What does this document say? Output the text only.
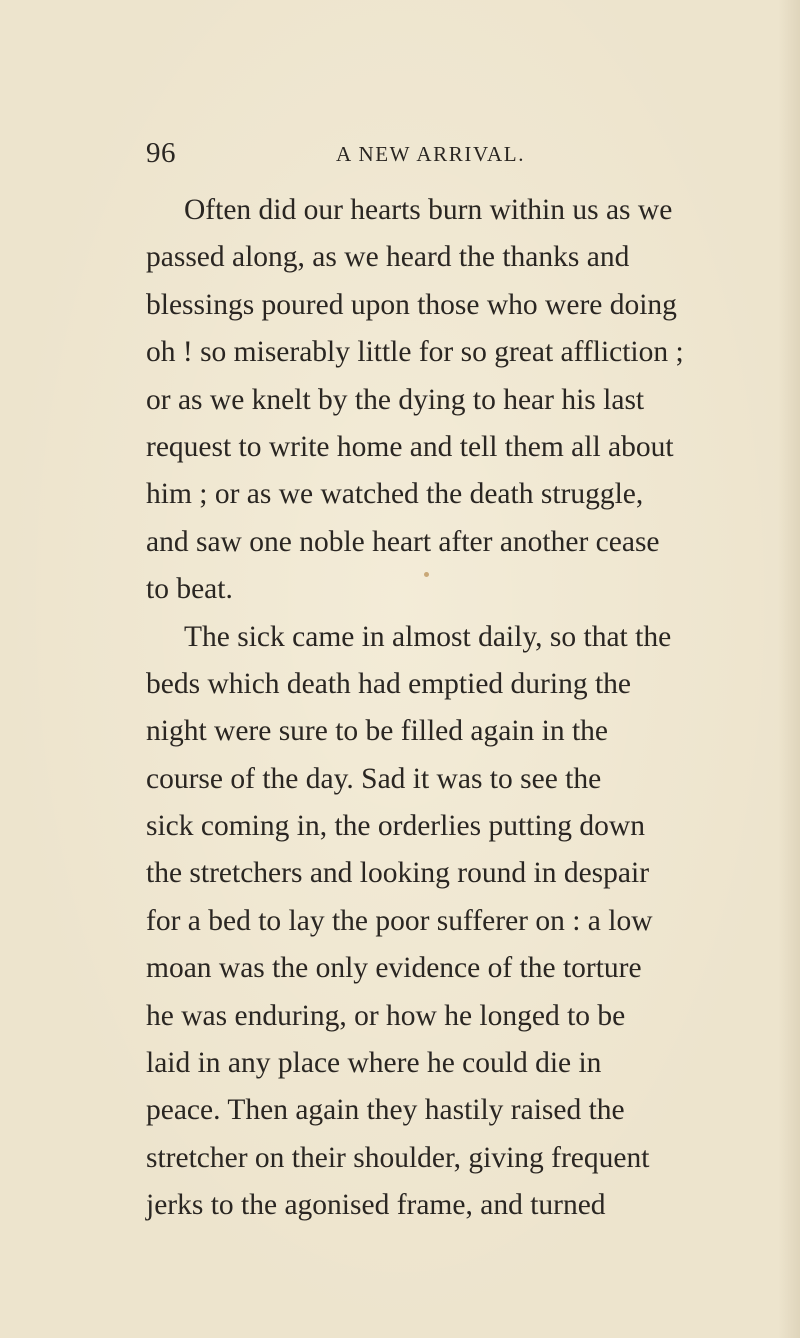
96	A NEW ARRIVAL.
Often did our hearts burn within us as we
passed along, as we heard the thanks and
blessings poured upon those who were doing
oh ! so miserably little for so great affliction ;
or as we knelt by the dying to hear his last
request to write home and tell them all about
him ; or as we watched the death struggle,
and saw one noble heart after another cease
to beat.
The sick came in almost daily, so that the
beds which death had emptied during the
night were sure to be filled again in the
course of the day. Sad it was to see the
sick coming in, the orderlies putting down
the stretchers and looking round in despair
for a bed to lay the poor sufferer on : a low
moan was the only evidence of the torture
he was enduring, or how he longed to be
laid in any place where he could die in
peace. Then again they hastily raised the
stretcher on their shoulder, giving frequent
jerks to the agonised frame, and turned
